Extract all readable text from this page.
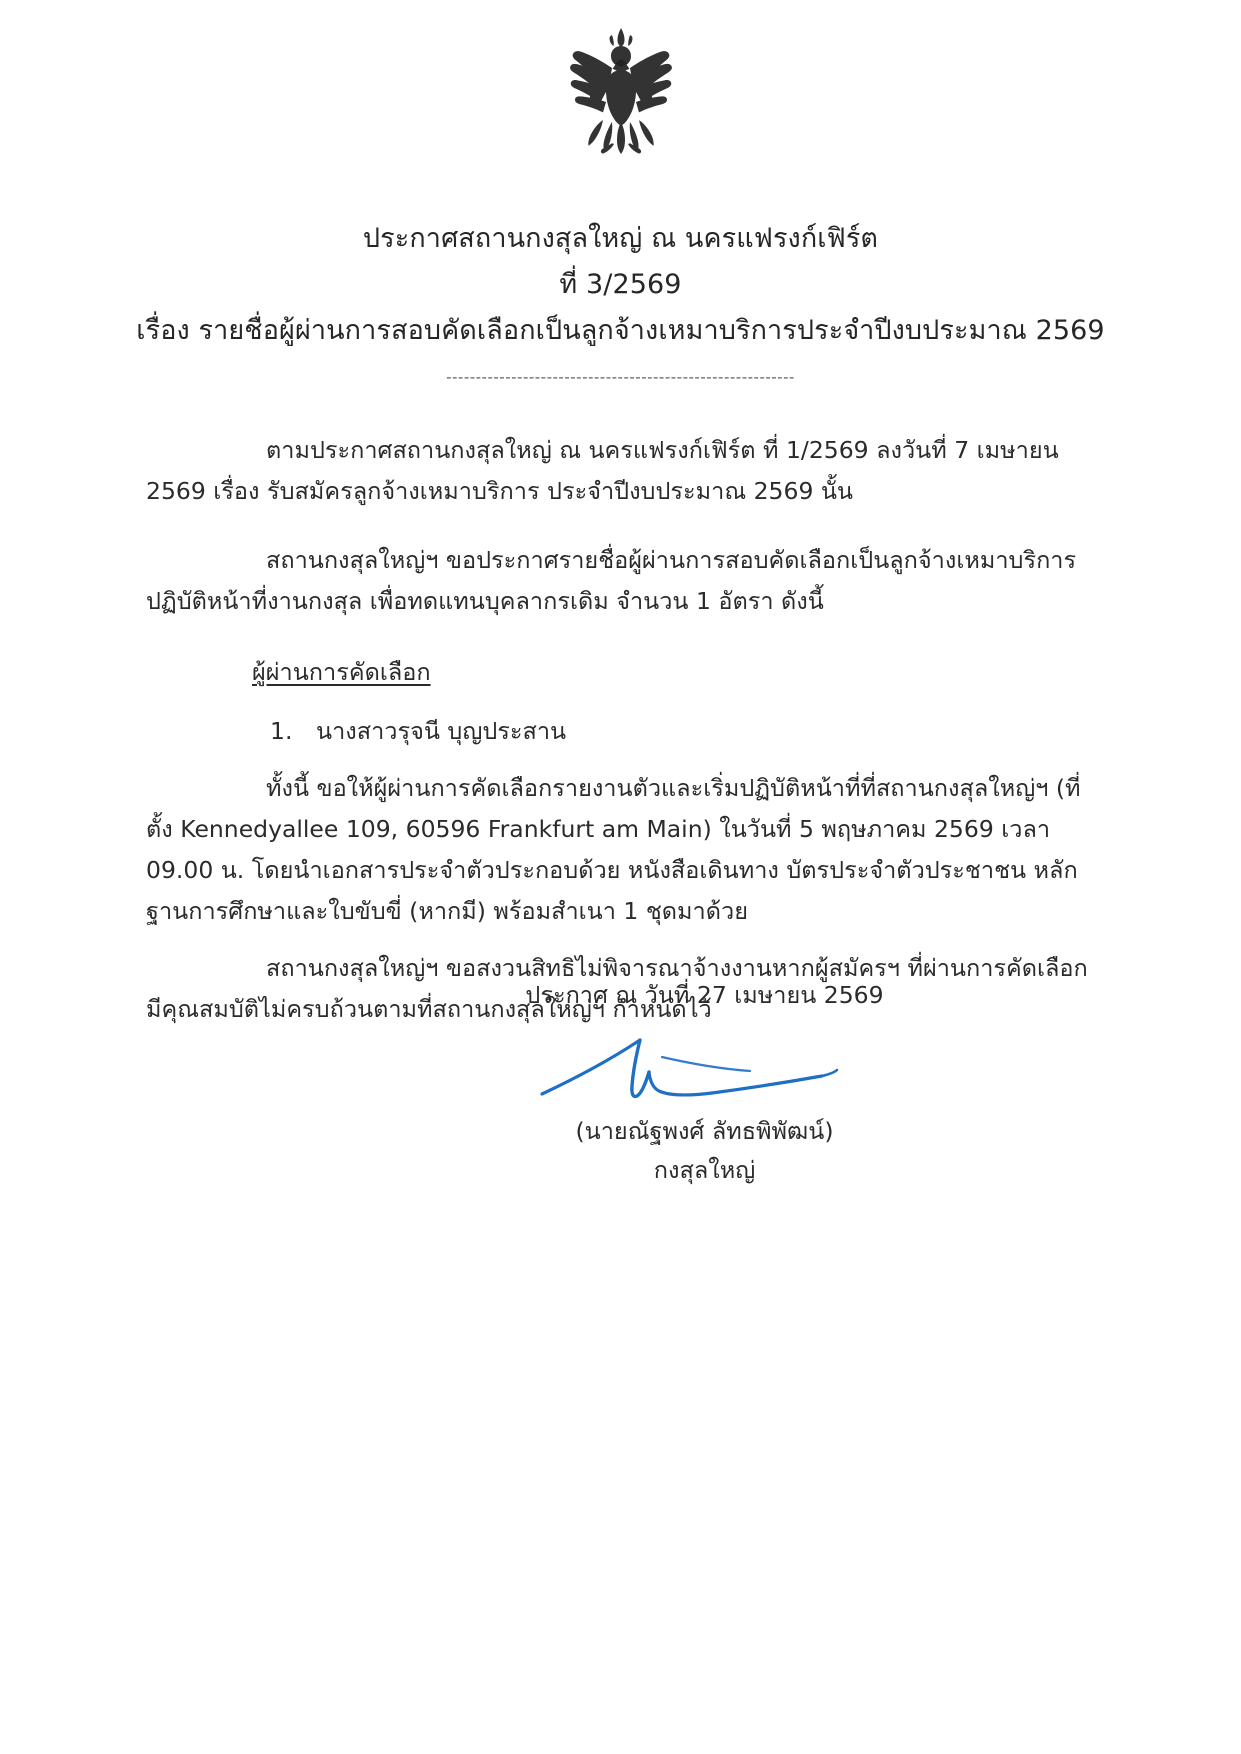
ประกาศสถานกงสุลใหญ่ ณ นครแฟรงก์เฟิร์ต
ที่ 3/2569
เรื่อง รายชื่อผู้ผ่านการสอบคัดเลือกเป็นลูกจ้างเหมาบริการประจำปีงบประมาณ 2569
-----------------------------------------------------------

ตามประกาศสถานกงสุลใหญ่ ณ นครแฟรงก์เฟิร์ต ที่ 1/2569 ลงวันที่ 7 เมษายน 2569 เรื่อง รับสมัครลูกจ้างเหมาบริการ ประจำปีงบประมาณ 2569 นั้น

สถานกงสุลใหญ่ฯ ขอประกาศรายชื่อผู้ผ่านการสอบคัดเลือกเป็นลูกจ้างเหมาบริการปฏิบัติหน้าที่งานกงสุล เพื่อทดแทนบุคลากรเดิม จำนวน 1 อัตรา ดังนี้

ผู้ผ่านการคัดเลือก
1. นางสาวรุจนี บุญประสาน

ทั้งนี้ ขอให้ผู้ผ่านการคัดเลือกรายงานตัวและเริ่มปฏิบัติหน้าที่ที่สถานกงสุลใหญ่ฯ (ที่ตั้ง Kennedyallee 109, 60596 Frankfurt am Main) ในวันที่ 5 พฤษภาคม 2569 เวลา 09.00 น. โดยนำเอกสารประจำตัวประกอบด้วย หนังสือเดินทาง บัตรประจำตัวประชาชน หลักฐานการศึกษาและใบขับขี่ (หากมี) พร้อมสำเนา 1 ชุดมาด้วย

สถานกงสุลใหญ่ฯ ขอสงวนสิทธิไม่พิจารณาจ้างงานหากผู้สมัครฯ ที่ผ่านการคัดเลือกมีคุณสมบัติไม่ครบถ้วนตามที่สถานกงสุลใหญ่ฯ กำหนดไว้

ประกาศ ณ วันที่ 27 เมษายน 2569
(นายณัฐพงศ์ ลัทธพิพัฒน์)
กงสุลใหญ่
